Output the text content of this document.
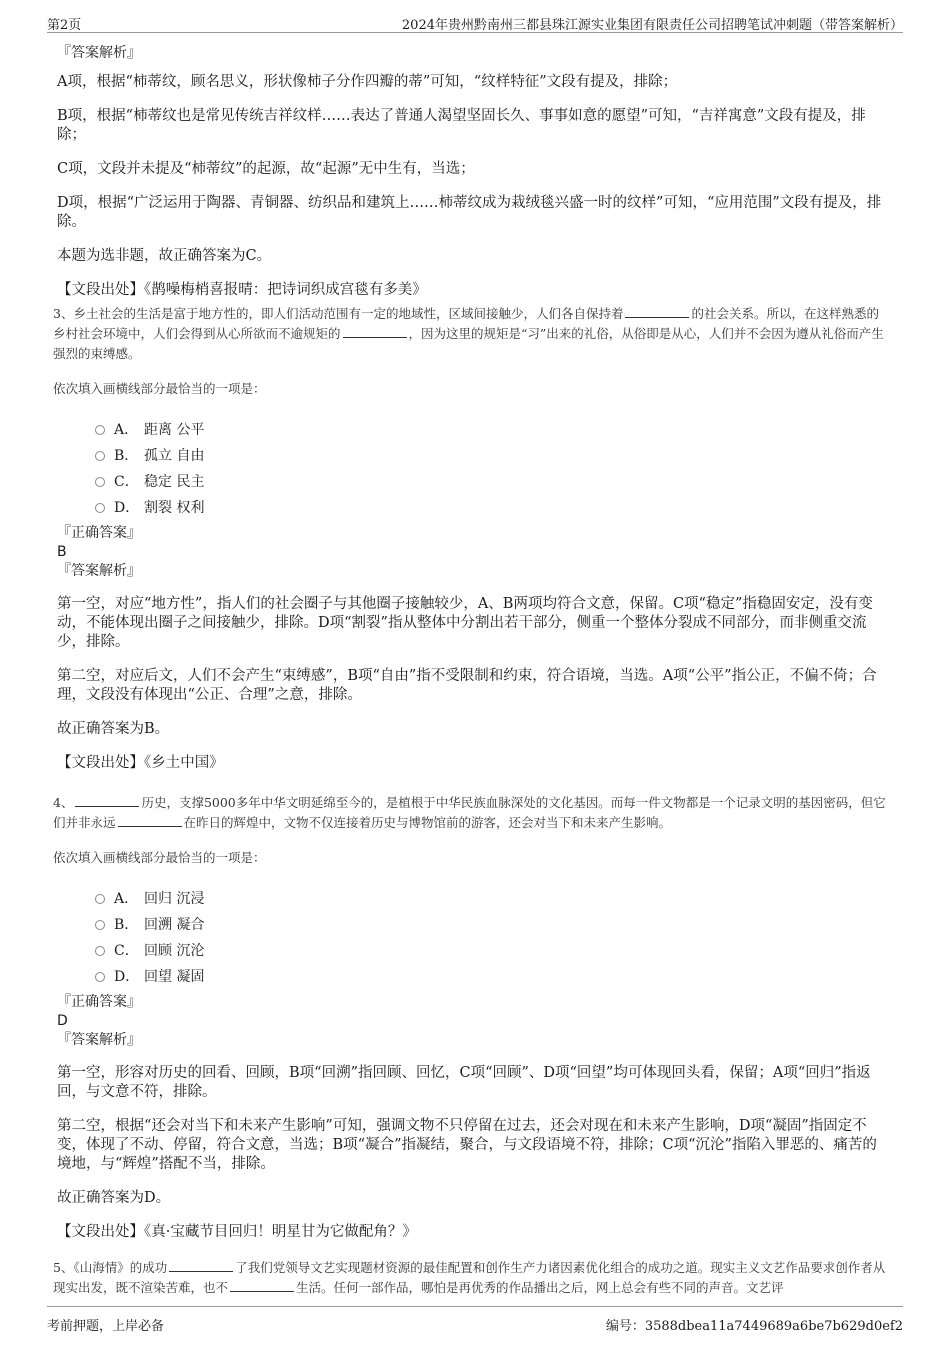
第2页	2024年贵州黔南州三都县珠江源实业集团有限责任公司招聘笔试冲刺题（带答案解析）
『答案解析』

A项，根据“柿蒂纹，顾名思义，形状像柿子分作四瓣的蒂”可知，“纹样特征”文段有提及，排除；

B项，根据“柿蒂纹也是常见传统吉祥纹样……表达了普通人渴望坚固长久、事事如意的愿望”可知，“吉祥寓意”文段有提及，排除；

C项，文段并未提及“柿蒂纹”的起源，故“起源”无中生有，当选；

D项，根据“广泛运用于陶器、青铜器、纺织品和建筑上……柿蒂纹成为栽绒毯兴盛一时的纹样”可知，“应用范围”文段有提及，排除。

本题为选非题，故正确答案为C。

【文段出处】《鹊噪梅梢喜报晴：把诗词织成宫毯有多美》
3、乡土社会的生活是富于地方性的，即人们活动范围有一定的地域性，区域间接触少，人们各自保持着	的社会关系。所以，在这样熟悉的乡村社会环境中，人们会得到从心所欲而不逾规矩的	，因为这里的规矩是“习”出来的礼俗，从俗即是从心，人们并不会因为遵从礼俗而产生强烈的束缚感。
依次填入画横线部分最恰当的一项是：
A． 距离 公平
B． 孤立 自由
C． 稳定 民主
D． 割裂 权利
『正确答案』
B
『答案解析』

第一空，对应“地方性”，指人们的社会圈子与其他圈子接触较少，A、B两项均符合文意，保留。C项“稳定”指稳固安定，没有变动，不能体现出圈子之间接触少，排除。D项“割裂”指从整体中分割出若干部分，侧重一个整体分裂成不同部分，而非侧重交流少，排除。

第二空，对应后文，人们不会产生“束缚感”，B项“自由”指不受限制和约束，符合语境，当选。A项“公平”指公正，不偏不倚；合理，文段没有体现出“公正、合理”之意，排除。

故正确答案为B。

【文段出处】《乡土中国》
4、	历史，支撑5000多年中华文明延绵至今的，是植根于中华民族血脉深处的文化基因。而每一件文物都是一个记录文明的基因密码，但它们并非永远	在昨日的辉煌中，文物不仅连接着历史与博物馆前的游客，还会对当下和未来产生影响。
依次填入画横线部分最恰当的一项是：
A． 回归 沉浸
B． 回溯 凝合
C． 回顾 沉沦
D． 回望 凝固
『正确答案』
D
『答案解析』

第一空，形容对历史的回看、回顾，B项“回溯”指回顾、回忆，C项“回顾”、D项“回望”均可体现回头看，保留；A项“回归”指返回，与文意不符，排除。

第二空，根据“还会对当下和未来产生影响”可知，强调文物不只停留在过去，还会对现在和未来产生影响，D项“凝固”指固定不变，体现了不动、停留，符合文意，当选；B项“凝合”指凝结，聚合，与文段语境不符，排除；C项“沉沦”指陷入罪恶的、痛苦的境地，与“辉煌”搭配不当，排除。

故正确答案为D。

【文段出处】《真·宝藏节目回归！明星甘为它做配角？》
5、《山海情》的成功	了我们党领导文艺实现题材资源的最佳配置和创作生产力诸因素优化组合的成功之道。现实主义文艺作品要求创作者从现实出发，既不渲染苦难，也不	生活。任何一部作品，哪怕是再优秀的作品播出之后，网上总会有些不同的声音。文艺评
考前押题，上岸必备	编号：3588dbea11a7449689a6be7b629d0ef2
